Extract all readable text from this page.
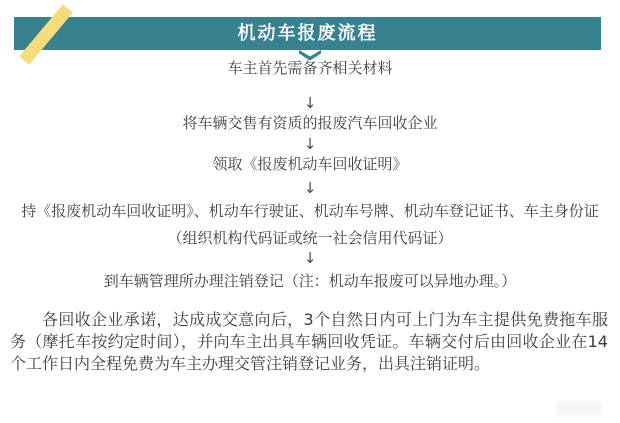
机动车报废流程
车主首先需备齐相关材料
↓
将车辆交售有资质的报废汽车回收企业
↓
领取《报废机动车回收证明》
↓
持《报废机动车回收证明》、机动车行驶证、机动车号牌、机动车登记证书、车主身份证
（组织机构代码证或统一社会信用代码证）
↓
到车辆管理所办理注销登记（注：机动车报废可以异地办理。）

各回收企业承诺，达成成交意向后，3个自然日内可上门为车主提供免费拖车服务（摩托车按约定时间），并向车主出具车辆回收凭证。车辆交付后由回收企业在14个工作日内全程免费为车主办理交管注销登记业务，出具注销证明。
